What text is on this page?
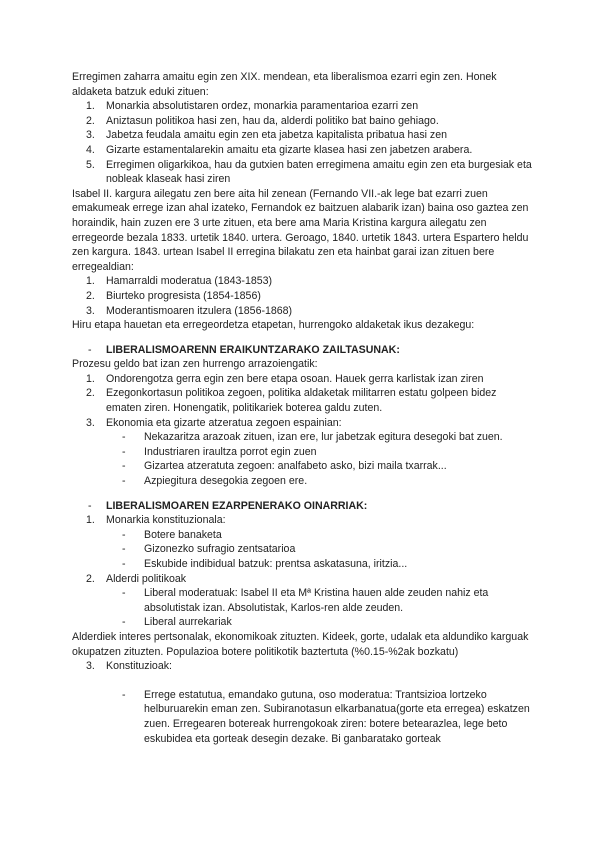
Erregimen zaharra amaitu egin zen XIX. mendean, eta liberalismoa ezarri egin zen. Honek aldaketa batzuk eduki zituen:

1. Monarkia absolutistaren ordez, monarkia paramentarioa ezarri zen
2. Aniztasun politikoa hasi zen, hau da, alderdi politiko bat baino gehiago.
3. Jabetza feudala amaitu egin zen eta jabetza kapitalista pribatua hasi zen
4. Gizarte estamentalarekin amaitu eta gizarte klasea hasi zen jabetzen arabera.
5. Erregimen oligarkikoa, hau da gutxien baten erregimena amaitu egin zen eta burgesiak eta nobleak klaseak hasi ziren

Isabel II. kargura ailegatu zen bere aita hil zenean (Fernando VII.-ak lege bat ezarri zuen emakumeak erregе izan ahal izateko, Fernandok ez baitzuen alabarik izan) baina oso gaztea zen horaindik, hain zuzen ere 3 urte zituen, eta bere ama Maria Kristina kargura ailegatu zen erregeorde bezala 1833. urtetik 1840. urtera. Geroago, 1840. urtetik 1843. urtera Espartero heldu zen kargura. 1843. urtean Isabel II erregina bilakatu zen eta hainbat garai izan zituen bere erregealdian:

1. Hamarraldi moderatua (1843-1853)
2. Biurteko progresista (1854-1856)
3. Moderantismoaren itzulera (1856-1868)

Hiru etapa hauetan eta erregeordetza etapetan, hurrengoko aldaketak ikus dezakegu:

- LIBERALISMOARENN ERAIKUNTZARAKO ZAILTASUNAK:

Prozesu geldo bat izan zen hurrengo arrazoiengatik:

1. Ondorengotza gerra egin zen bere etapa osoan. Hauek gerra karlistak izan ziren
2. Ezegonkortasun politikoa zegoen, politika aldaketak militarren estatu golpeen bidez ematen ziren. Honengatik, politikariek boterea galdu zuten.
3. Ekonomia eta gizarte atzeratua zegoen espainian:
- Nekazaritza arazoak zituen, izan ere, lur jabetzak egitura desegoki bat zuen.
- Industriaren iraultza porrot egin zuen
- Gizartea atzeratuta zegoen: analfabeto asko, bizi maila txarrak...
- Azpiegitura desegokia zegoen ere.
- LIBERALISMOAREN EZARPENERAKO OINARRIAK:
1. Monarkia konstituzionala:
- Botere banaketa
- Gizonezko sufragio zentsatarioa
- Eskubide indibidual batzuk: prentsa askatasuna, iritzia...
2. Alderdi politikoak
- Liberal moderatuak: Isabel II eta Mª Kristina hauen alde zeuden nahiz eta absolutistak izan. Absolutistak, Karlos-ren alde zeuden.
- Liberal aurrekariak

Alderdiek interes pertsonalak, ekonomikoak zituzten. Kideek, gorte, udalak eta aldundiko karguak okupatzen zituzten. Populazioa botere politikotik baztertuta (%0.15-%2ak bozkatu)

3. Konstituzioak:
- Errege estatutua, emandako gutuna, oso moderatua: Trantsizioa lortzeko helburuarekin eman zen. Subiranotasun elkarbanatua(gorte eta erregea) eskatzen zuen. Erregearen botereak hurrengokoak ziren: botere betearazlea, lege beto eskubidea eta gorteak desegin dezake. Bi ganbaratako gorteak
